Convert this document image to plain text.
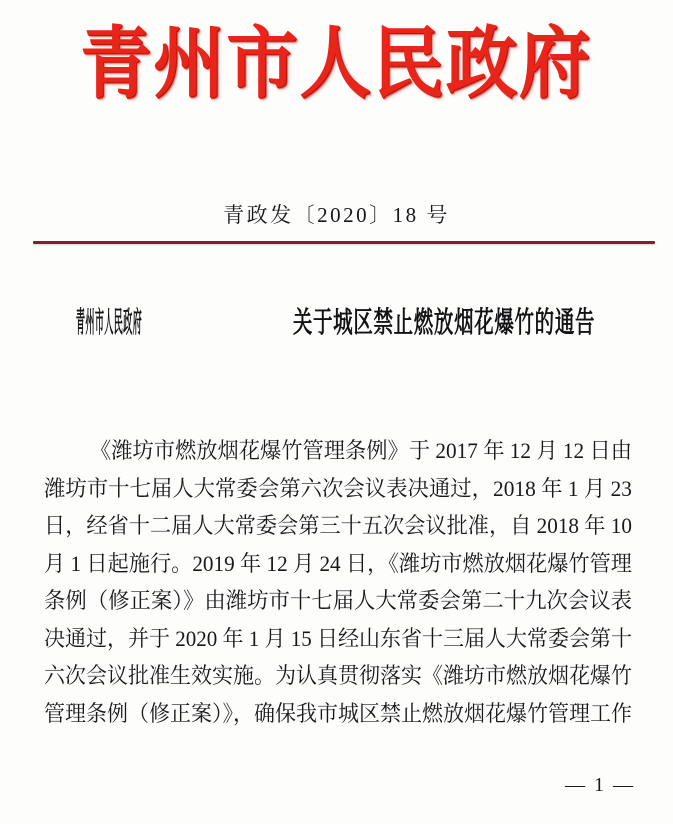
青州市人民政府
青政发〔2020〕18 号
青州市人民政府	关于城区禁止燃放烟花爆竹的通告
《潍坊市燃放烟花爆竹管理条例》于 2017 年 12 月 12 日由
潍坊市十七届人大常委会第六次会议表决通过，2018 年 1 月 23
日，经省十二届人大常委会第三十五次会议批准，自 2018 年 10
月 1 日起施行。2019 年 12 月 24 日，《潍坊市燃放烟花爆竹管理
条例（修正案）》由潍坊市十七届人大常委会第二十九次会议表
决通过，并于 2020 年 1 月 15 日经山东省十三届人大常委会第十
六次会议批准生效实施。为认真贯彻落实《潍坊市燃放烟花爆竹
管理条例（修正案）》，确保我市城区禁止燃放烟花爆竹管理工作
— 1 —
